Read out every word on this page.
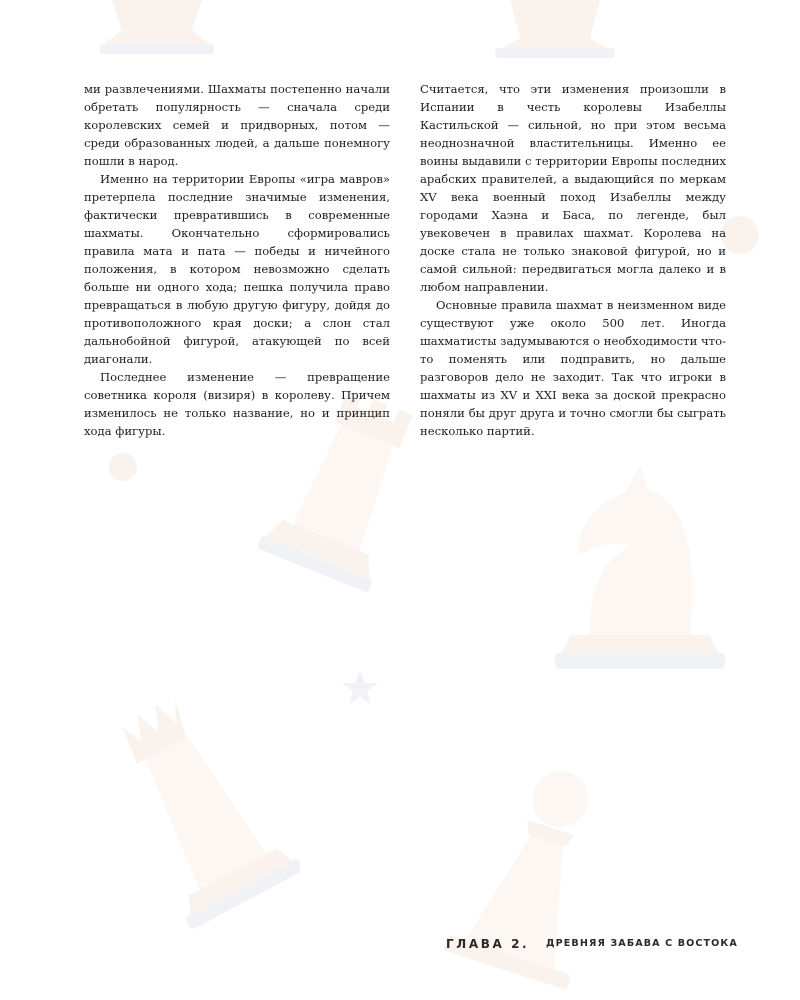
ми развлечениями. Шахматы постепенно начали обретать популярность — сначала среди королевских семей и придворных, потом — среди образованных людей, а дальше понемногу пошли в народ.

Именно на территории Европы «игра мавров» претерпела последние значимые изменения, фактически превратившись в современные шахматы. Окончательно сформировались правила мата и пата — победы и ничейного положения, в котором невозможно сделать больше ни одного хода; пешка получила право превращаться в любую другую фигуру, дойдя до противоположного края доски; а слон стал дальнобойной фигурой, атакующей по всей диагонали.

Последнее изменение — превращение советника короля (визиря) в королеву. Причем изменилось не только название, но и принцип хода фигуры.

Считается, что эти изменения произошли в Испании в честь королевы Изабеллы Кастильской — сильной, но при этом весьма неоднозначной властительницы. Именно ее воины выдавили с территории Европы последних арабских правителей, а выдающийся по меркам XV века военный поход Изабеллы между городами Хаэна и Баса, по легенде, был увековечен в правилах шахмат. Королева на доске стала не только знаковой фигурой, но и самой сильной: передвигаться могла далеко и в любом направлении.

Основные правила шахмат в неизменном виде существуют уже около 500 лет. Иногда шахматисты задумываются о необходимости что-то поменять или подправить, но дальше разговоров дело не заходит. Так что игроки в шахматы из XV и XXI века за доской прекрасно поняли бы друг друга и точно смогли бы сыграть несколько партий.

ГЛАВА 2. ДРЕВНЯЯ ЗАБАВА С ВОСТОКА
